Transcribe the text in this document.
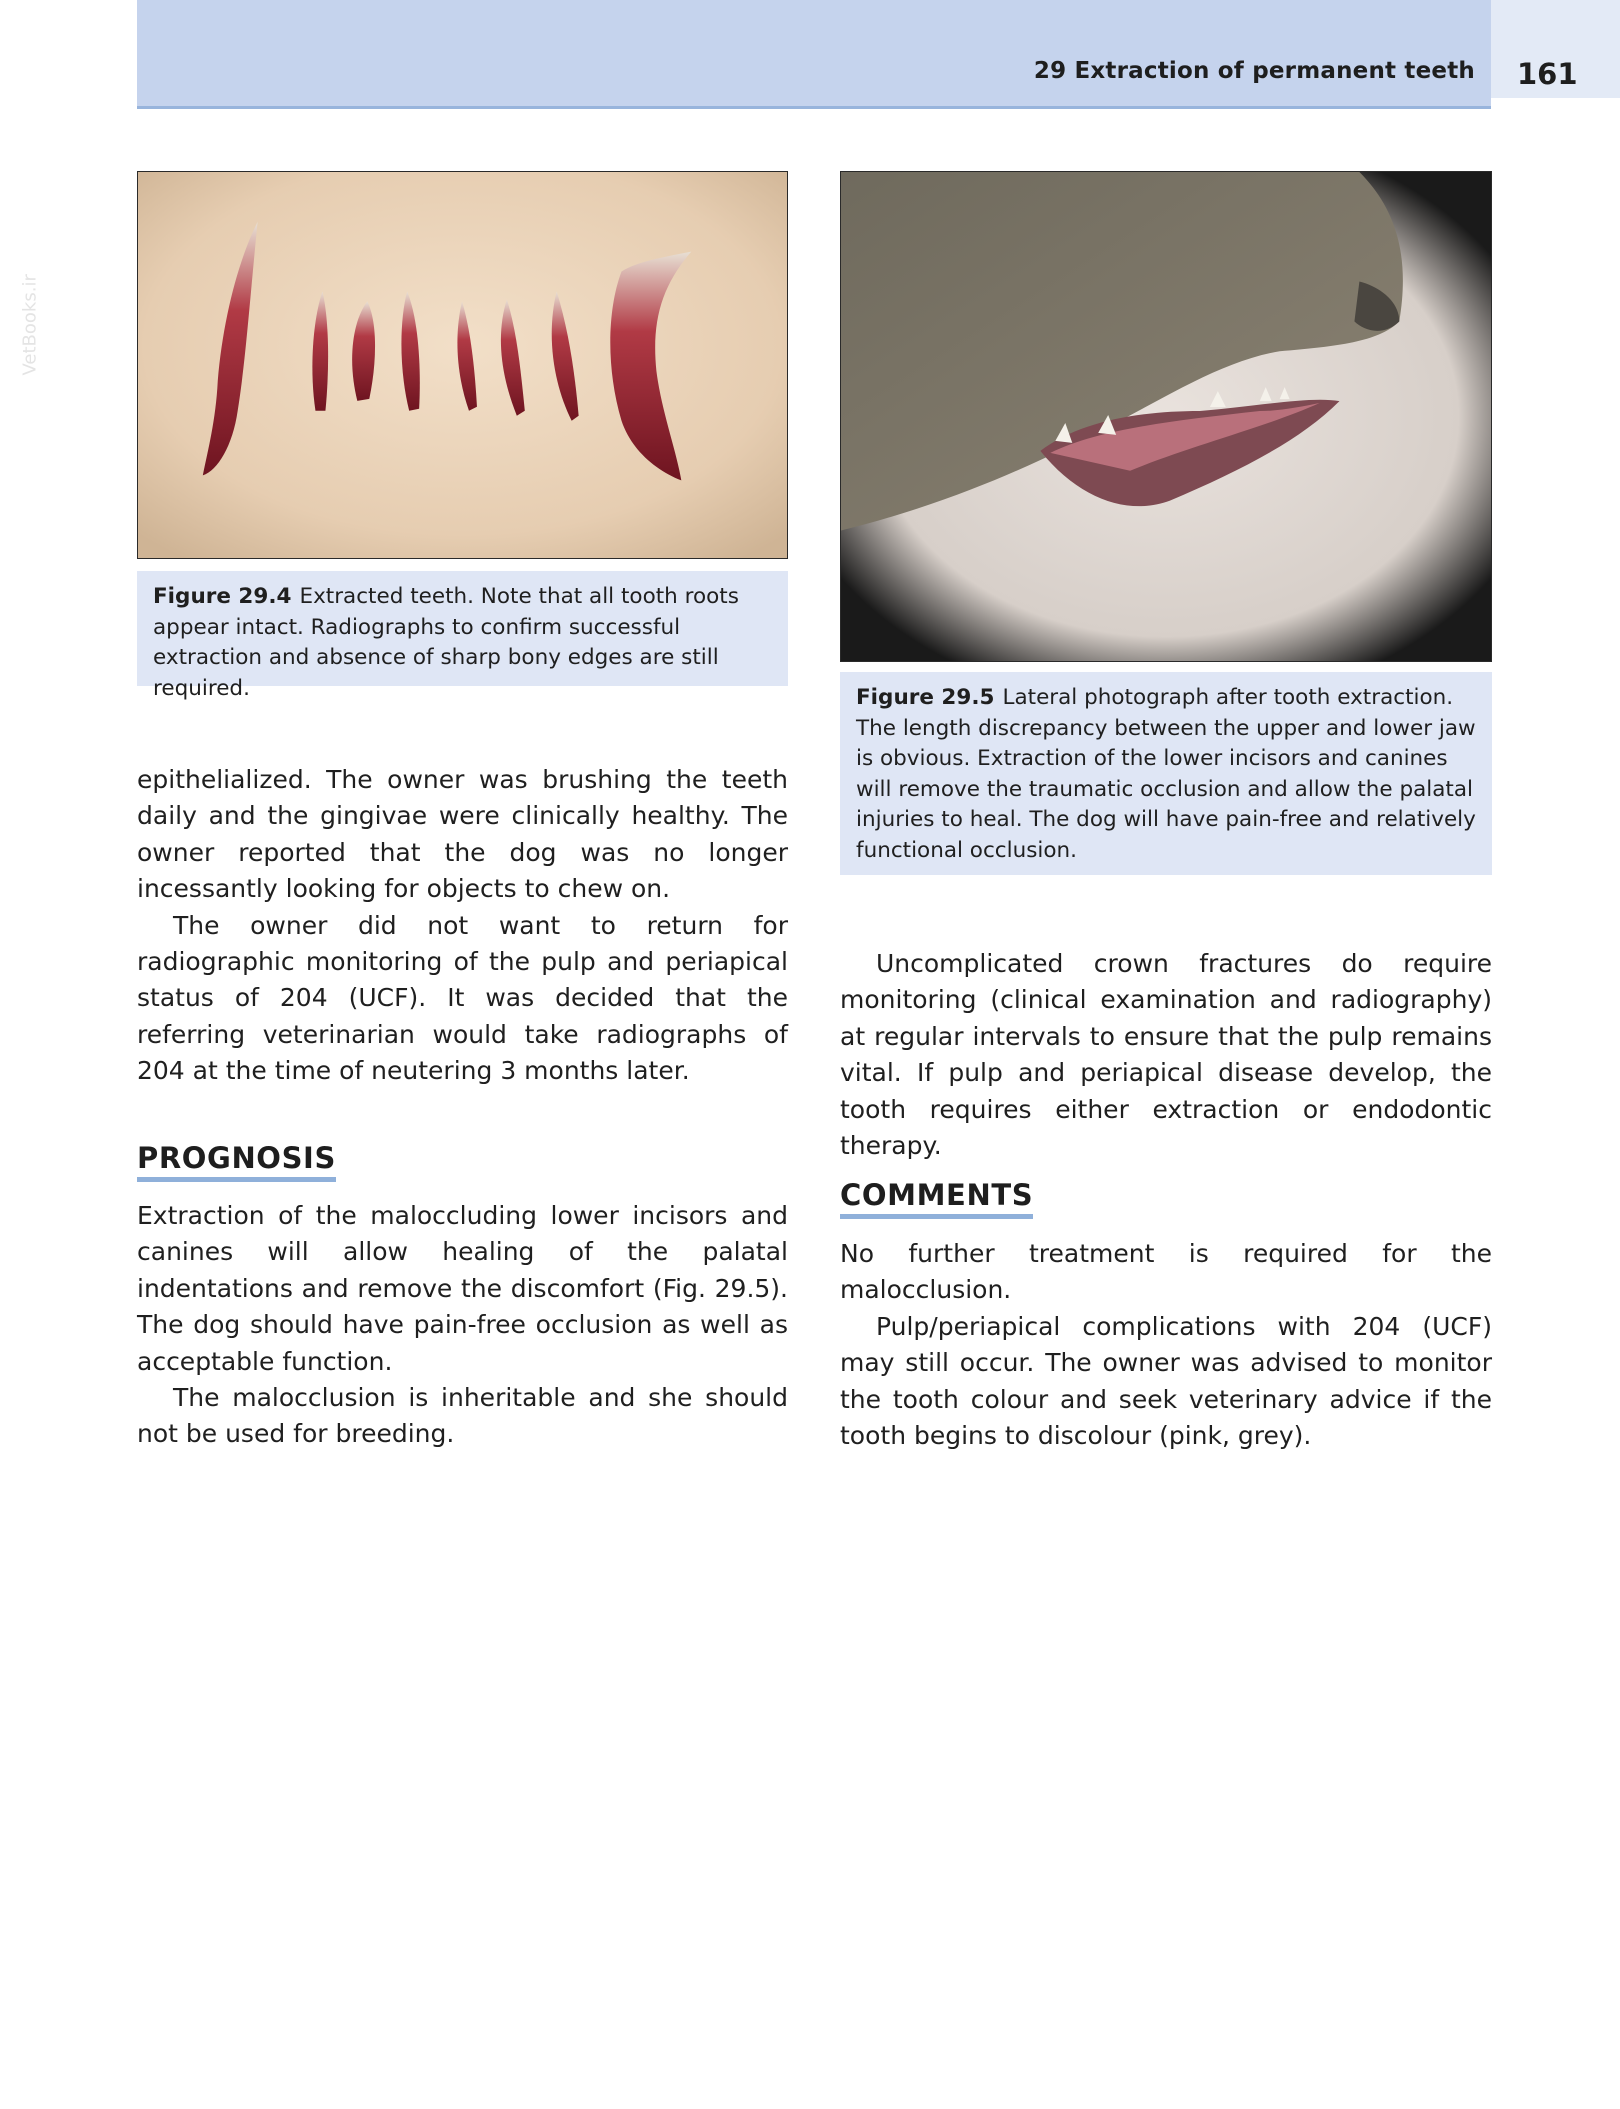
29 Extraction of permanent teeth 161
VetBooks.ir
Figure 29.4 Extracted teeth. Note that all tooth roots appear intact. Radiographs to confirm successful extraction and absence of sharp bony edges are still required.	Figure 29.5 Lateral photograph after tooth extraction. The length discrepancy between the upper and lower jaw is obvious. Extraction of the lower incisors and canines will remove the traumatic occlusion and allow the palatal injuries to heal. The dog will have pain-free and relatively functional occlusion.

epithelialized. The owner was brushing the teeth daily and the gingivae were clinically healthy. The owner reported that the dog was no longer incessantly looking for objects to chew on.

The owner did not want to return for radiographic monitoring of the pulp and periapical status of 204 (UCF). It was decided that the referring veterinarian would take radiographs of 204 at the time of neutering 3 months later.

PROGNOSIS

Extraction of the maloccluding lower incisors and canines will allow healing of the palatal indentations and remove the discomfort (Fig. 29.5). The dog should have pain-free occlusion as well as acceptable function.

The malocclusion is inheritable and she should not be used for breeding.

Uncomplicated crown fractures do require monitoring (clinical examination and radiography) at regular intervals to ensure that the pulp remains vital. If pulp and periapical disease develop, the tooth requires either extraction or endodontic therapy.

COMMENTS

No further treatment is required for the malocclusion.

Pulp/periapical complications with 204 (UCF) may still occur. The owner was advised to monitor the tooth colour and seek veterinary advice if the tooth begins to discolour (pink, grey).
